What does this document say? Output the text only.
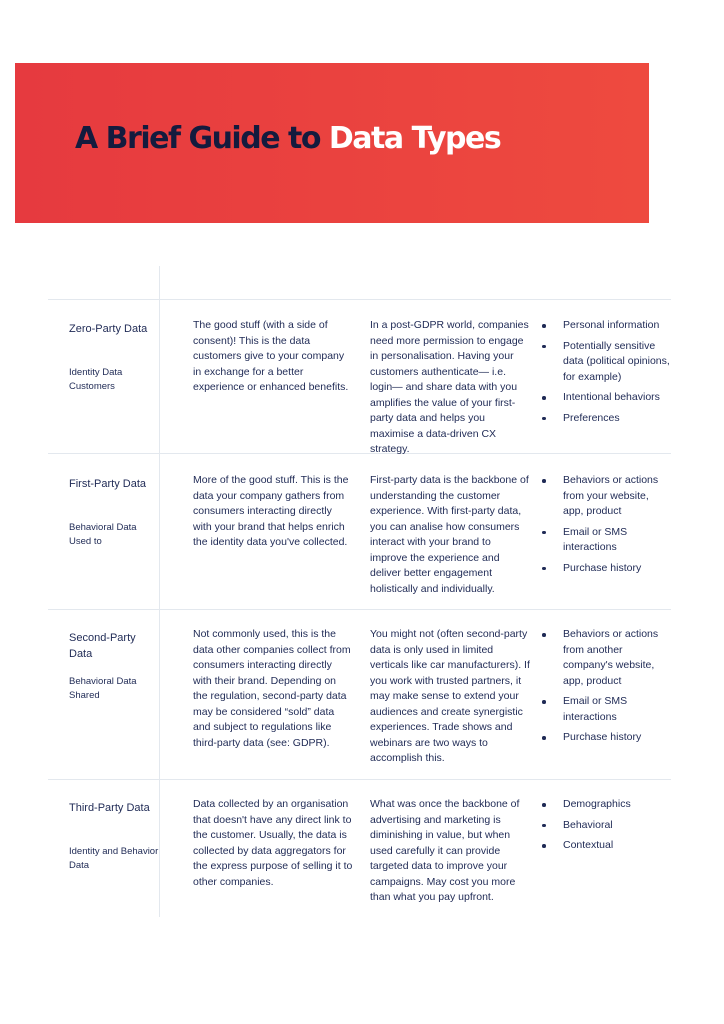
A Brief Guide to Data Types

Zero-Party Data

Identity Data Customers

The good stuff (with a side of consent)! This is the data customers give to your company in exchange for a better experience or enhanced benefits.

In a post-GDPR world, companies need more permission to engage in personalisation. Having your customers authenticate— i.e. login— and share data with you amplifies the value of your first-party data and helps you maximise a data-driven CX strategy.

Personal information
Potentially sensitive data (political opinions, for example)
Intentional behaviors
Preferences

First-Party Data

Behavioral Data Used to

More of the good stuff. This is the data your company gathers from consumers interacting directly with your brand that helps enrich the identity data you've collected.

First-party data is the backbone of understanding the customer experience. With first-party data, you can analise how consumers interact with your brand to improve the experience and deliver better engagement holistically and individually.

Behaviors or actions from your website, app, product
Email or SMS interactions
Purchase history

Second-Party Data

Behavioral Data Shared

Not commonly used, this is the data other companies collect from consumers interacting directly with their brand. Depending on the regulation, second-party data may be considered “sold” data and subject to regulations like third-party data (see: GDPR).

You might not (often second-party data is only used in limited verticals like car manufacturers). If you work with trusted partners, it may make sense to extend your audiences and create synergistic experiences. Trade shows and webinars are two ways to accomplish this.

Behaviors or actions from another company's website, app, product
Email or SMS interactions
Purchase history

Third-Party Data

Identity and Behavior Data

Data collected by an organisation that doesn't have any direct link to the customer. Usually, the data is collected by data aggregators for the express purpose of selling it to other companies.

What was once the backbone of advertising and marketing is diminishing in value, but when used carefully it can provide targeted data to improve your campaigns. May cost you more than what you pay upfront.

Demographics
Behavioral
Contextual
